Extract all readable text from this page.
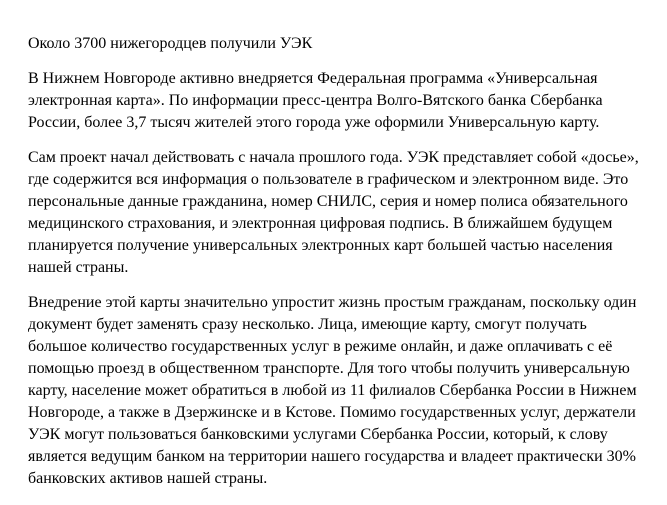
Около 3700 нижегородцев получили УЭК

В Нижнем Новгороде активно внедряется Федеральная программа «Универсальная электронная карта». По информации пресс-центра Волго-Вятского банка Сбербанка России, более 3,7 тысяч жителей этого города уже оформили Универсальную карту.

Сам проект начал действовать с начала прошлого года. УЭК представляет собой «досье», где содержится вся информация о пользователе в графическом и электронном виде. Это персональные данные гражданина, номер СНИЛС, серия и номер полиса обязательного медицинского страхования, и электронная цифровая подпись. В ближайшем будущем планируется получение универсальных электронных карт большей частью населения нашей страны.

Внедрение этой карты значительно упростит жизнь простым гражданам, поскольку один документ будет заменять сразу несколько. Лица, имеющие карту, смогут получать большое количество государственных услуг в режиме онлайн, и даже оплачивать с её помощью проезд в общественном транспорте. Для того чтобы получить универсальную карту, население может обратиться в любой из 11 филиалов Сбербанка России в Нижнем Новгороде, а также в Дзержинске и в Кстове. Помимо государственных услуг, держатели УЭК могут пользоваться банковскими услугами Сбербанка России, который, к слову является ведущим банком на территории нашего государства и владеет практически 30% банковских активов нашей страны.
